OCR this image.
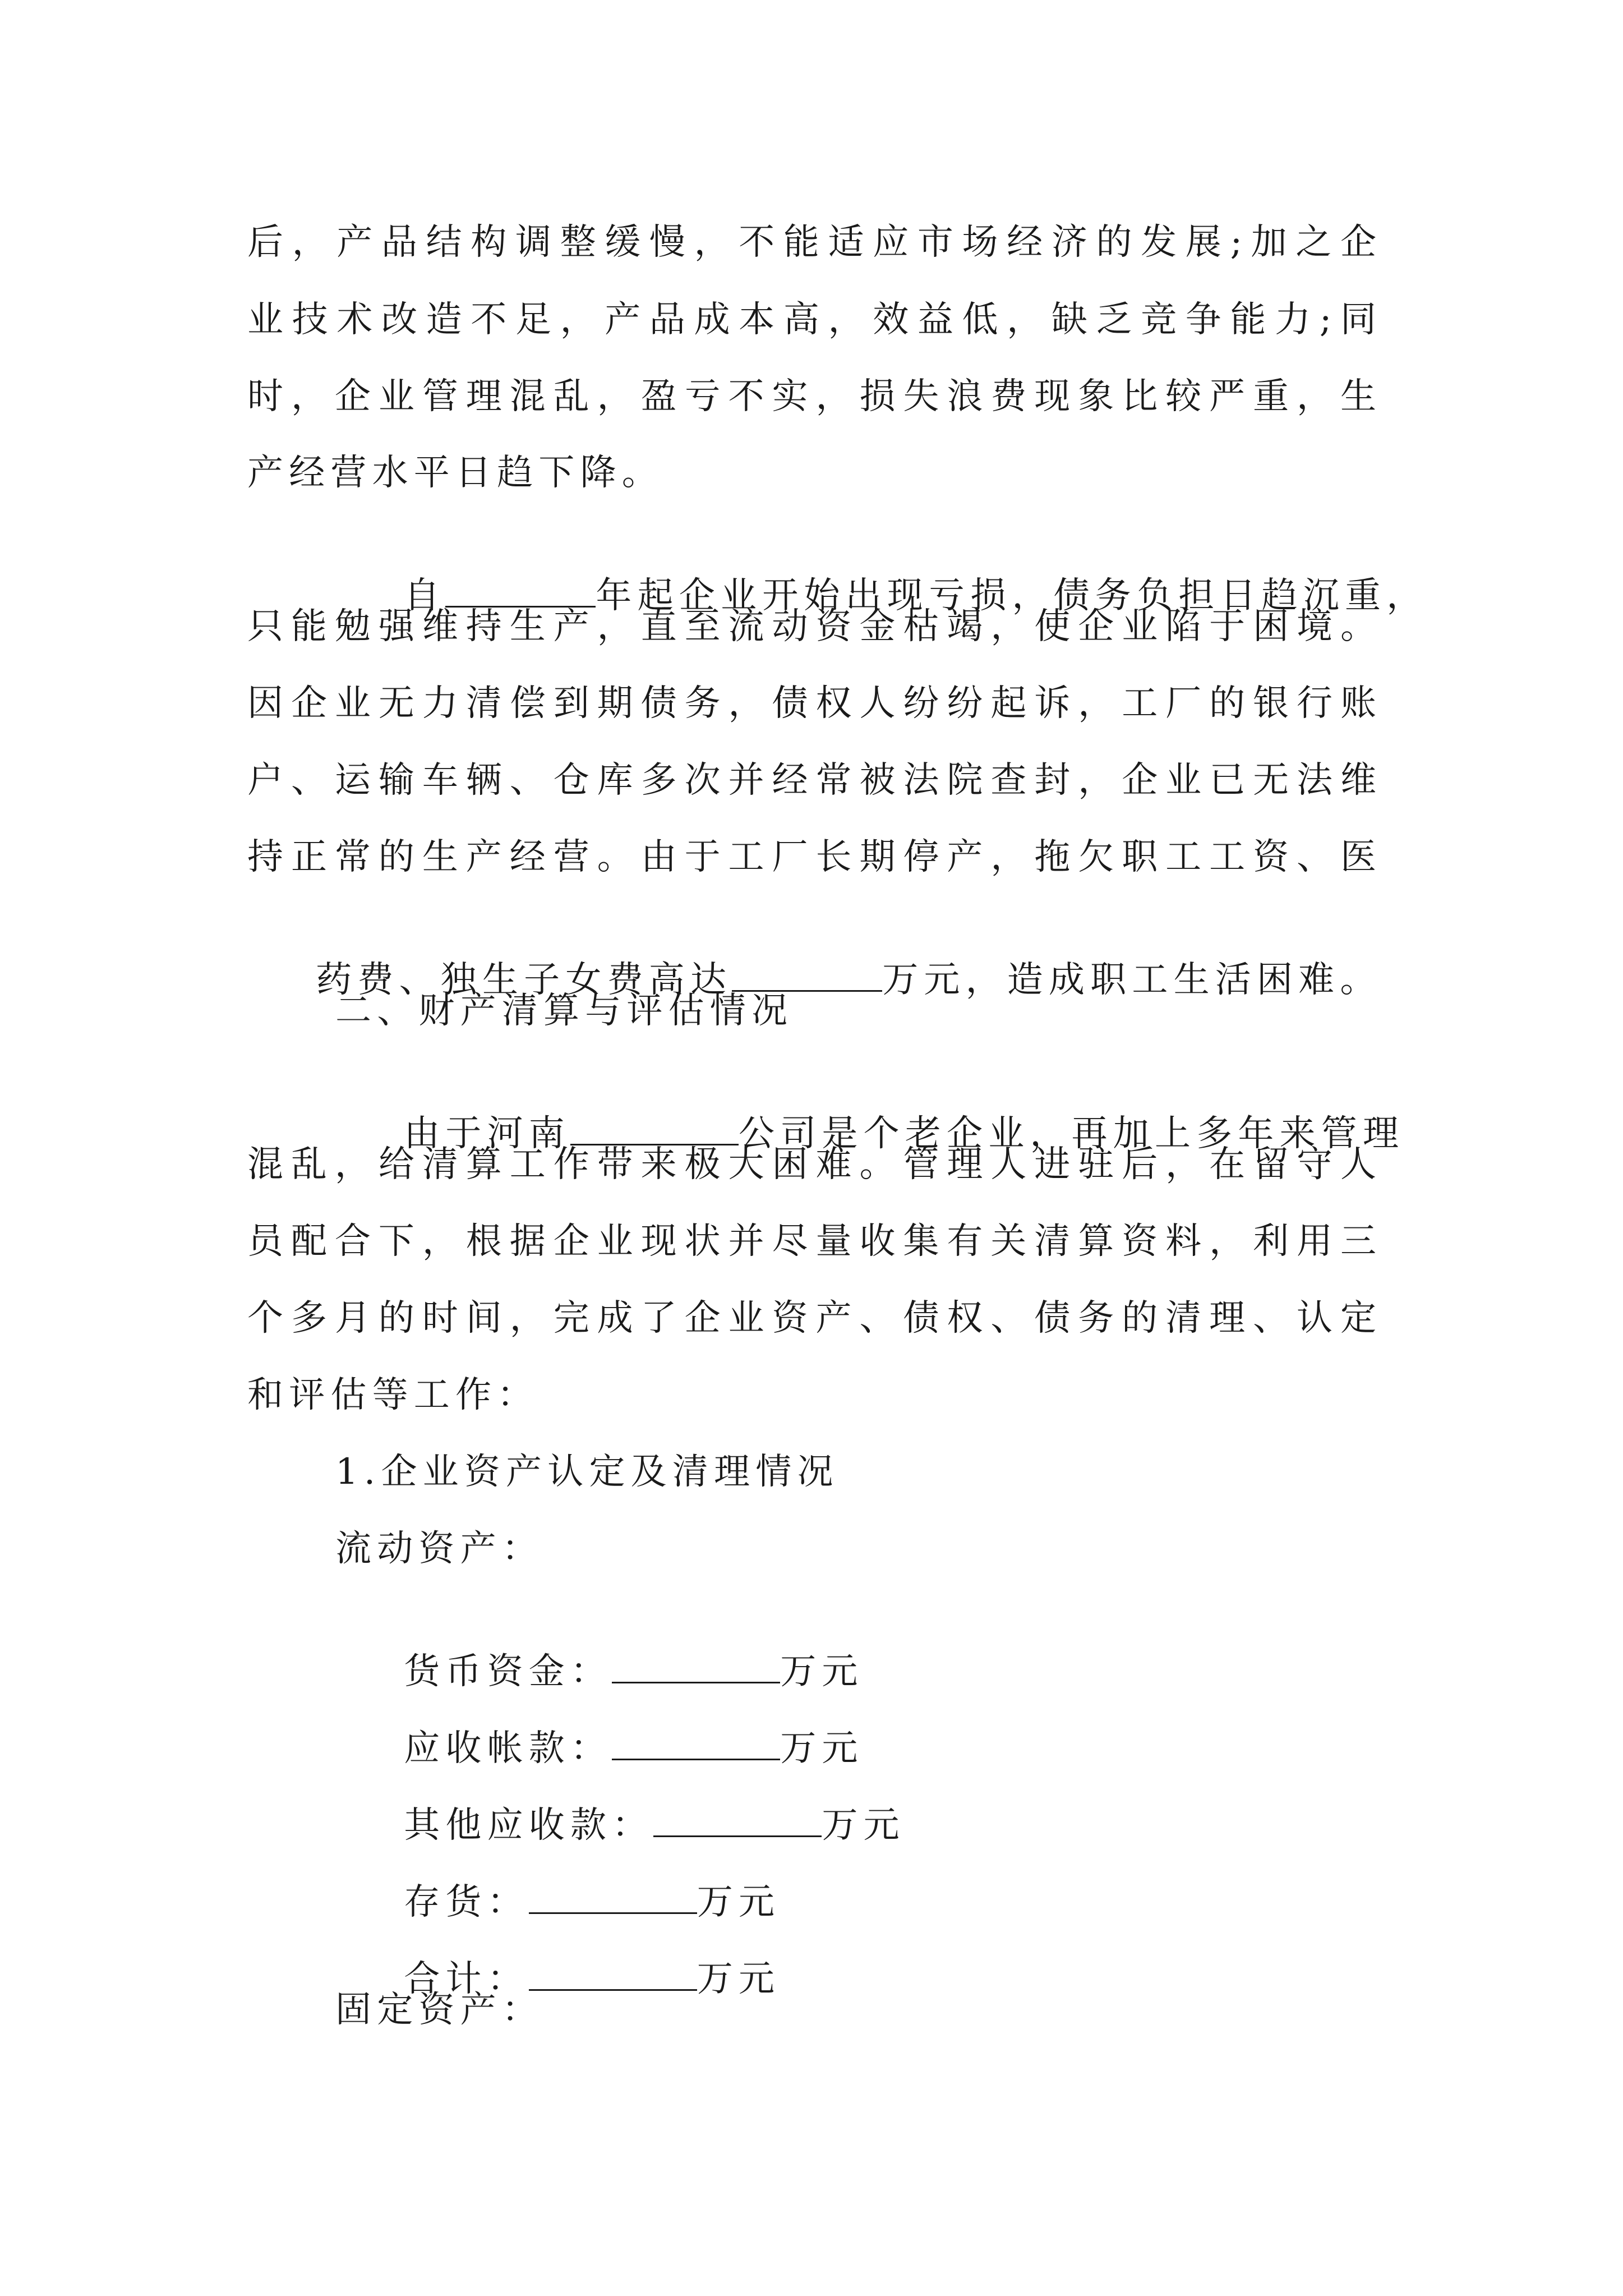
后，产品结构调整缓慢，不能适应市场经济的发展;加之企
业技术改造不足，产品成本高，效益低，缺乏竞争能力;同
时，企业管理混乱，盈亏不实，损失浪费现象比较严重，生
产经营水平日趋下降。

自	年起企业开始出现亏损，债务负担日趋沉重，

只能勉强维持生产，直至流动资金枯竭，使企业陷于困境。
因企业无力清偿到期债务，债权人纷纷起诉，工厂的银行账
户、运输车辆、仓库多次并经常被法院查封，企业已无法维
持正常的生产经营。由于工厂长期停产，拖欠职工工资、医

药费、独生子女费高达	万元，造成职工生活困难。

二、财产清算与评估情况

由于河南	公司是个老企业，再加上多年来管理

混乱，给清算工作带来极大困难。管理人进驻后，在留守人
员配合下，根据企业现状并尽量收集有关清算资料，利用三
个多月的时间，完成了企业资产、债权、债务的清理、认定
和评估等工作：
1.企业资产认定及清理情况
流动资产：

货币资金：	万元

应收帐款：	万元

其他应收款：	万元

存货：	万元

合计：	万元

固定资产：
